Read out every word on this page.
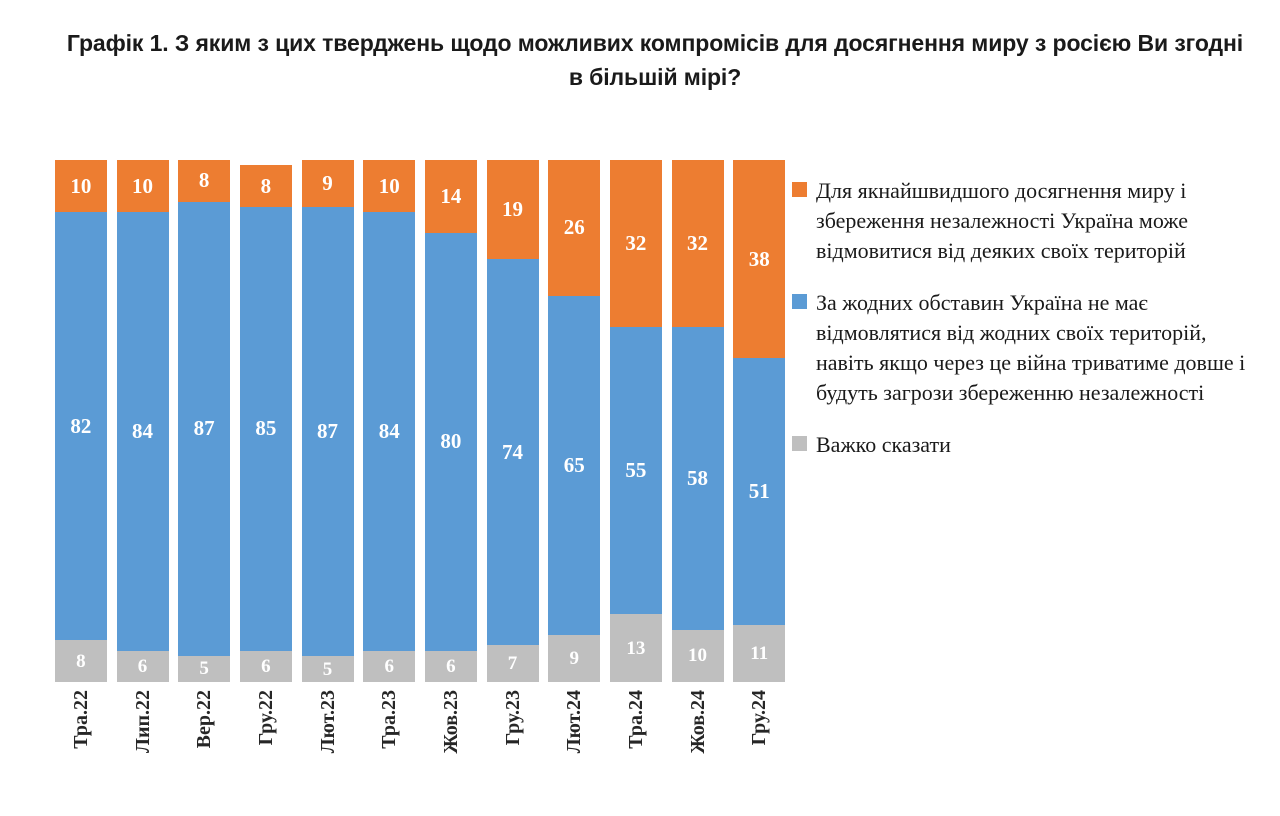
Графік 1. З яким з цих тверджень щодо можливих компромісів для досягнення миру з росією Ви згодні в більшій мірі?
10
82
8
10
84
6
8
87
5
8
85
6
9
87
5
10
84
6
14
80
6
19
74
7
26
65
9
32
55
13
32
58
10
38
51
11
Тра.22 Лип.22 Вер.22 Гру.22 Лют.23 Тра.23 Жов.23 Гру.23 Лют.24 Тра.24 Жов.24 Гру.24
Для якнайшвидшого досягнення миру і збереження незалежності Україна може відмовитися від деяких своїх територій
За жодних обставин Україна не має відмовлятися від жодних своїх територій, навіть якщо через це війна триватиме довше і будуть загрози збереженню незалежності
Важко сказати
